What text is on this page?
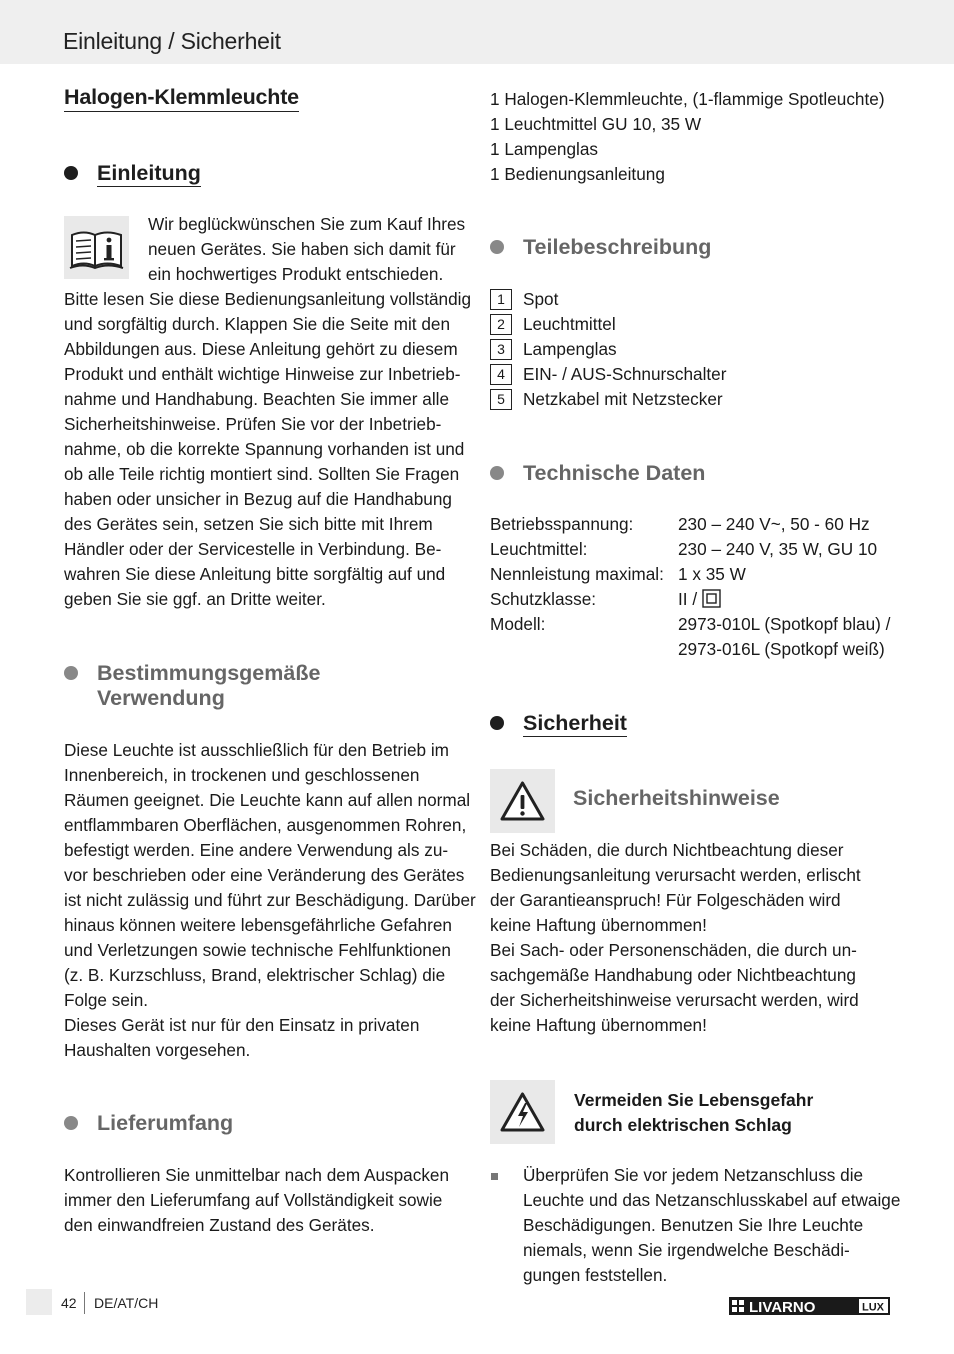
Einleitung / Sicherheit
Halogen-Klemmleuchte
Einleitung

Wir beglückwünschen Sie zum Kauf Ihres

neuen Gerätes. Sie haben sich damit für

ein hochwertiges Produkt entschieden.

Bitte lesen Sie diese Bedienungsanleitung vollständig

und sorgfältig durch. Klappen Sie die Seite mit den

Abbildungen aus. Diese Anleitung gehört zu diesem

Produkt und enthält wichtige Hinweise zur Inbetrieb-

nahme und Handhabung. Beachten Sie immer alle

Sicherheitshinweise. Prüfen Sie vor der Inbetrieb-

nahme, ob die korrekte Spannung vorhanden ist und

ob alle Teile richtig montiert sind. Sollten Sie Fragen

haben oder unsicher in Bezug auf die Handhabung

des Gerätes sein, setzen Sie sich bitte mit Ihrem

Händler oder der Servicestelle in Verbindung. Be-

wahren Sie diese Anleitung bitte sorgfältig auf und

geben Sie sie ggf. an Dritte weiter.

Bestimmungsgemäße
Verwendung

Diese Leuchte ist ausschließlich für den Betrieb im

Innenbereich, in trockenen und geschlossenen

Räumen geeignet. Die Leuchte kann auf allen normal

entflammbaren Oberflächen, ausgenommen Rohren,

befestigt werden. Eine andere Verwendung als zu-

vor beschrieben oder eine Veränderung des Gerätes

ist nicht zulässig und führt zur Beschädigung. Darüber

hinaus können weitere lebensgefährliche Gefahren

und Verletzungen sowie technische Fehlfunktionen

(z. B. Kurzschluss, Brand, elektrischer Schlag) die

Folge sein.

Dieses Gerät ist nur für den Einsatz in privaten

Haushalten vorgesehen.

Lieferumfang

Kontrollieren Sie unmittelbar nach dem Auspacken

immer den Lieferumfang auf Vollständigkeit sowie

den einwandfreien Zustand des Gerätes.

1 Halogen-Klemmleuchte, (1-flammige Spotleuchte)

1 Leuchtmittel GU 10, 35 W

1 Lampenglas

1 Bedienungsanleitung

Teilebeschreibung
1	Spot
2	Leuchtmittel
3	Lampenglas
4	EIN- / AUS-Schnurschalter
5	Netzkabel mit Netzstecker
Technische Daten
Betriebsspannung:	230 – 240 V~, 50 - 60 Hz
Leuchtmittel:	230 – 240 V, 35 W, GU 10
Nennleistung maximal: 1 x 35 W
Schutzklasse:	II /
Modell:	2973-010L (Spotkopf blau) /
2973-016L (Spotkopf weiß)
Sicherheit
Sicherheitshinweise

Bei Schäden, die durch Nichtbeachtung dieser

Bedienungsanleitung verursacht werden, erlischt

der Garantieanspruch! Für Folgeschäden wird

keine Haftung übernommen!

Bei Sach- oder Personenschäden, die durch un-

sachgemäße Handhabung oder Nichtbeachtung

der Sicherheitshinweise verursacht werden, wird

keine Haftung übernommen!

Vermeiden Sie Lebensgefahr
durch elektrischen Schlag

Überprüfen Sie vor jedem Netzanschluss die

Leuchte und das Netzanschlusskabel auf etwaige

Beschädigungen. Benutzen Sie Ihre Leuchte

niemals, wenn Sie irgendwelche Beschädi-

gungen feststellen.

42 DE/AT/CH	LIVARNO	LUX
